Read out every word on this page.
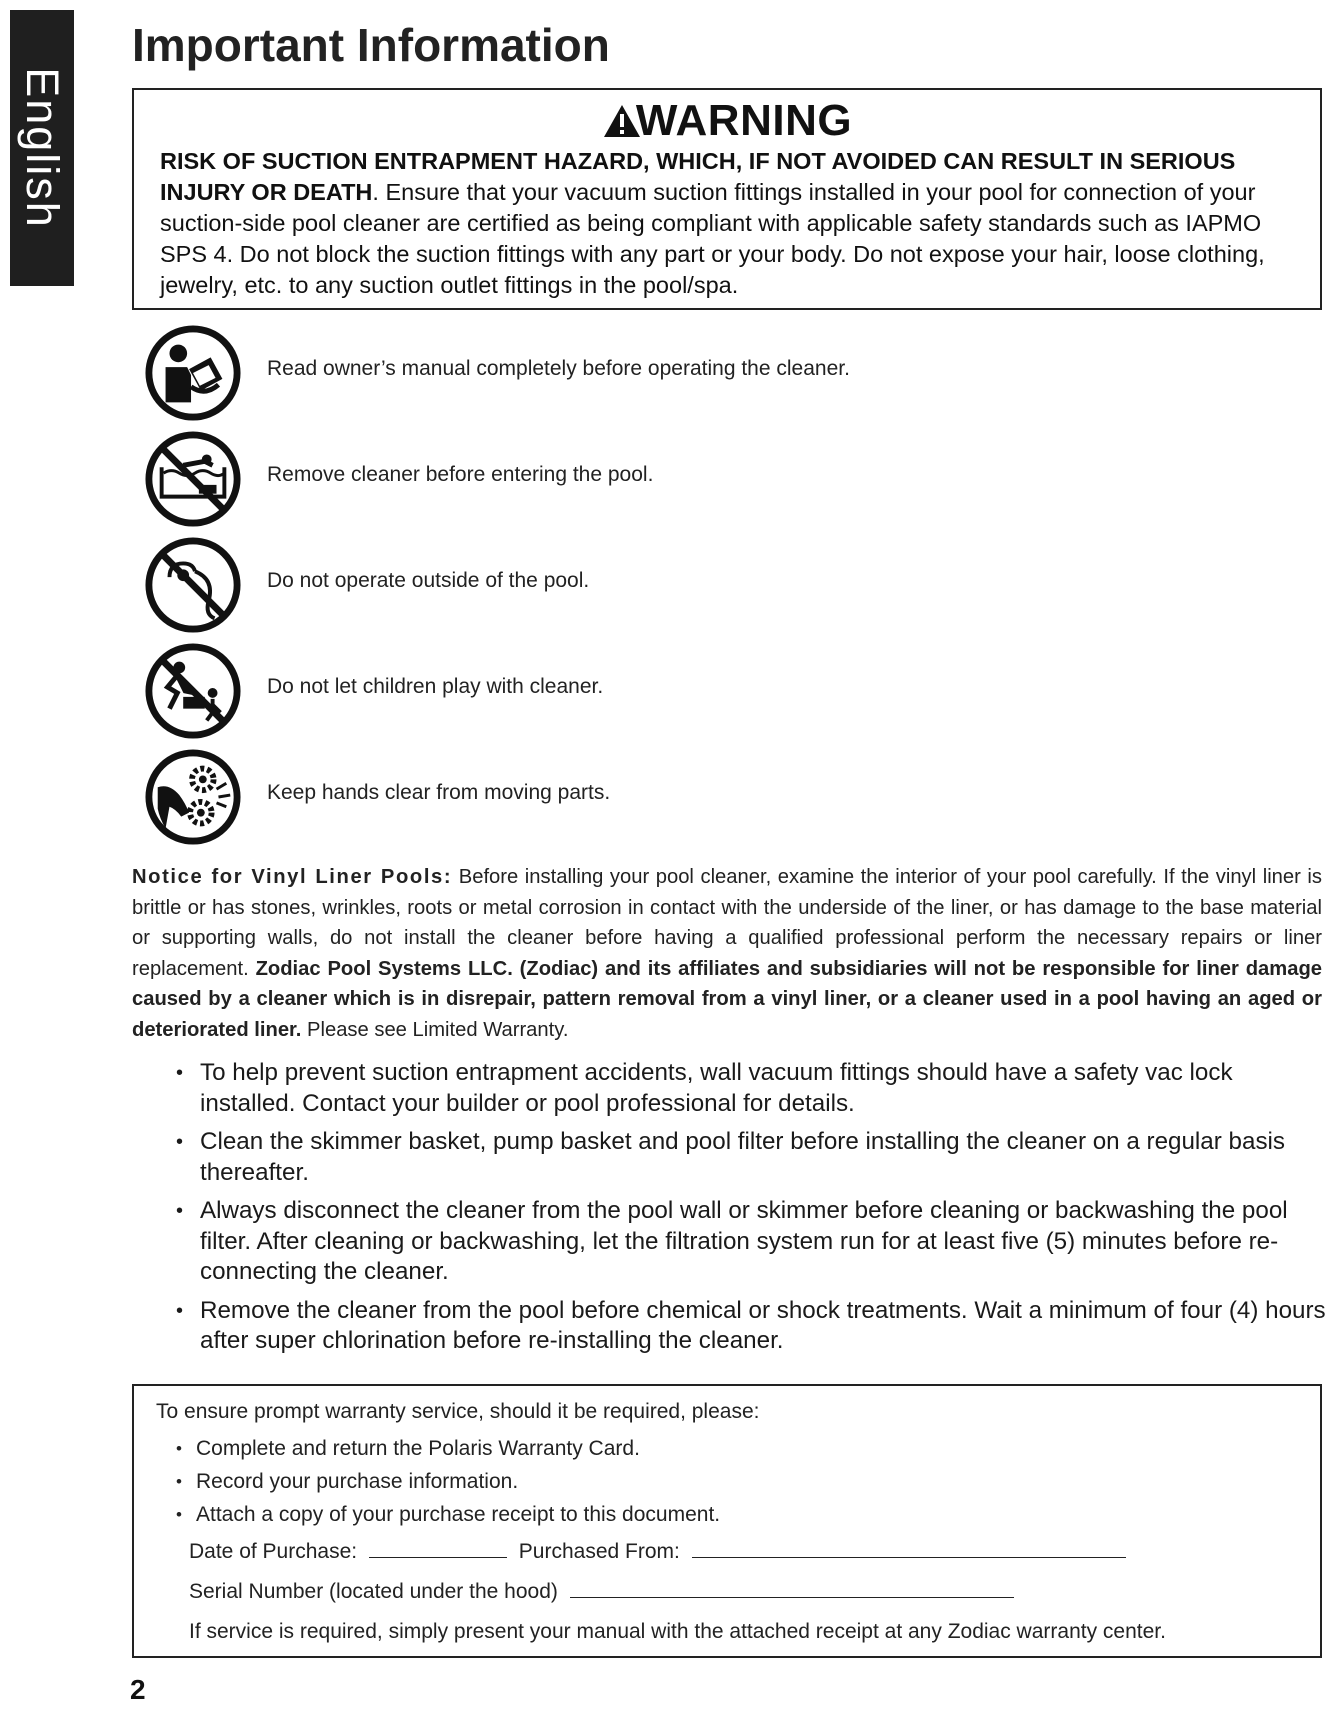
English
Important Information
WARNING
RISK OF SUCTION ENTRAPMENT HAZARD, WHICH, IF NOT AVOIDED CAN RESULT IN SERIOUS INJURY OR DEATH. Ensure that your vacuum suction fittings installed in your pool for connection of your suction-side pool cleaner are certified as being compliant with applicable safety standards such as IAPMO SPS 4. Do not block the suction fittings with any part or your body. Do not expose your hair, loose clothing, jewelry, etc. to any suction outlet fittings in the pool/spa.
Read owner’s manual completely before operating the cleaner.
Remove cleaner before entering the pool.
Do not operate outside of the pool.
Do not let children play with cleaner.
Keep hands clear from moving parts.
Notice for Vinyl Liner Pools: Before installing your pool cleaner, examine the interior of your pool carefully. If the vinyl liner is brittle or has stones, wrinkles, roots or metal corrosion in contact with the underside of the liner, or has damage to the base material or supporting walls, do not install the cleaner before having a qualified professional perform the necessary repairs or liner replacement. Zodiac Pool Systems LLC. (Zodiac) and its affiliates and subsidiaries will not be responsible for liner damage caused by a cleaner which is in disrepair, pattern removal from a vinyl liner, or a cleaner used in a pool having an aged or deteriorated liner. Please see Limited Warranty.
• To help prevent suction entrapment accidents, wall vacuum fittings should have a safety vac lock installed. Contact your builder or pool professional for details.
• Clean the skimmer basket, pump basket and pool filter before installing the cleaner on a regular basis thereafter.
• Always disconnect the cleaner from the pool wall or skimmer before cleaning or backwashing the pool filter. After cleaning or backwashing, let the filtration system run for at least five (5) minutes before re-connecting the cleaner.
• Remove the cleaner from the pool before chemical or shock treatments. Wait a minimum of four (4) hours after super chlorination before re-installing the cleaner.
To ensure prompt warranty service, should it be required, please:
• Complete and return the Polaris Warranty Card.
• Record your purchase information.
• Attach a copy of your purchase receipt to this document.
Date of Purchase:	Purchased From:
Serial Number (located under the hood)
If service is required, simply present your manual with the attached receipt at any Zodiac warranty center.
2
